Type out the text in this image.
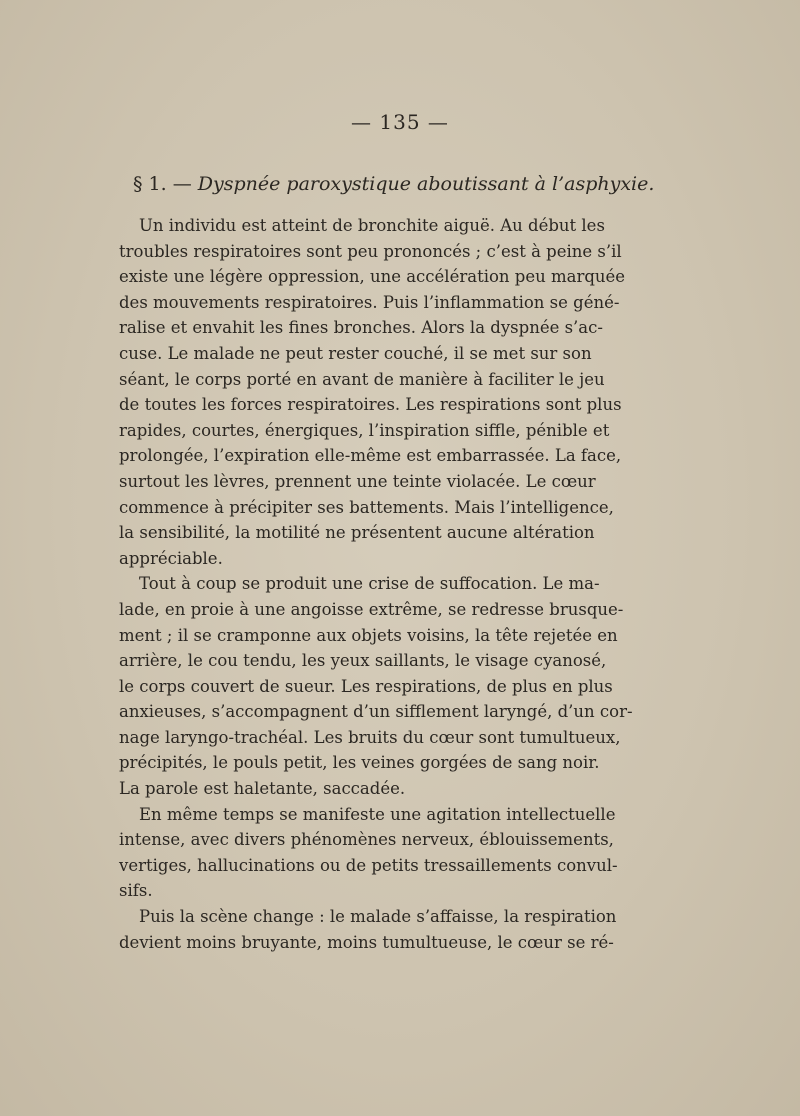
— 135 —
§ 1. — Dyspnée paroxystique aboutissant à l’asphyxie.
Un individu est atteint de bronchite aiguë. Au début les
troubles respiratoires sont peu prononcés ; c’est à peine s’il
existe une légère oppression, une accélération peu marquée
des mouvements respiratoires. Puis l’inflammation se géné-
ralise et envahit les fines bronches. Alors la dyspnée s’ac-
cuse. Le malade ne peut rester couché, il se met sur son
séant, le corps porté en avant de manière à faciliter le jeu
de toutes les forces respiratoires. Les respirations sont plus
rapides, courtes, énergiques, l’inspiration siffle, pénible et
prolongée, l’expiration elle-même est embarrassée. La face,
surtout les lèvres, prennent une teinte violacée. Le cœur
commence à précipiter ses battements. Mais l’intelligence,
la sensibilité, la motilité ne présentent aucune altération
appréciable.
Tout à coup se produit une crise de suffocation. Le ma-
lade, en proie à une angoisse extrême, se redresse brusque-
ment ; il se cramponne aux objets voisins, la tête rejetée en
arrière, le cou tendu, les yeux saillants, le visage cyanosé,
le corps couvert de sueur. Les respirations, de plus en plus
anxieuses, s’accompagnent d’un sifflement laryngé, d’un cor-
nage laryngo-trachéal. Les bruits du cœur sont tumultueux,
précipités, le pouls petit, les veines gorgées de sang noir.
La parole est haletante, saccadée.
En même temps se manifeste une agitation intellectuelle
intense, avec divers phénomènes nerveux, éblouissements,
vertiges, hallucinations ou de petits tressaillements convul-
sifs.
Puis la scène change : le malade s’affaisse, la respiration
devient moins bruyante, moins tumultueuse, le cœur se ré-
